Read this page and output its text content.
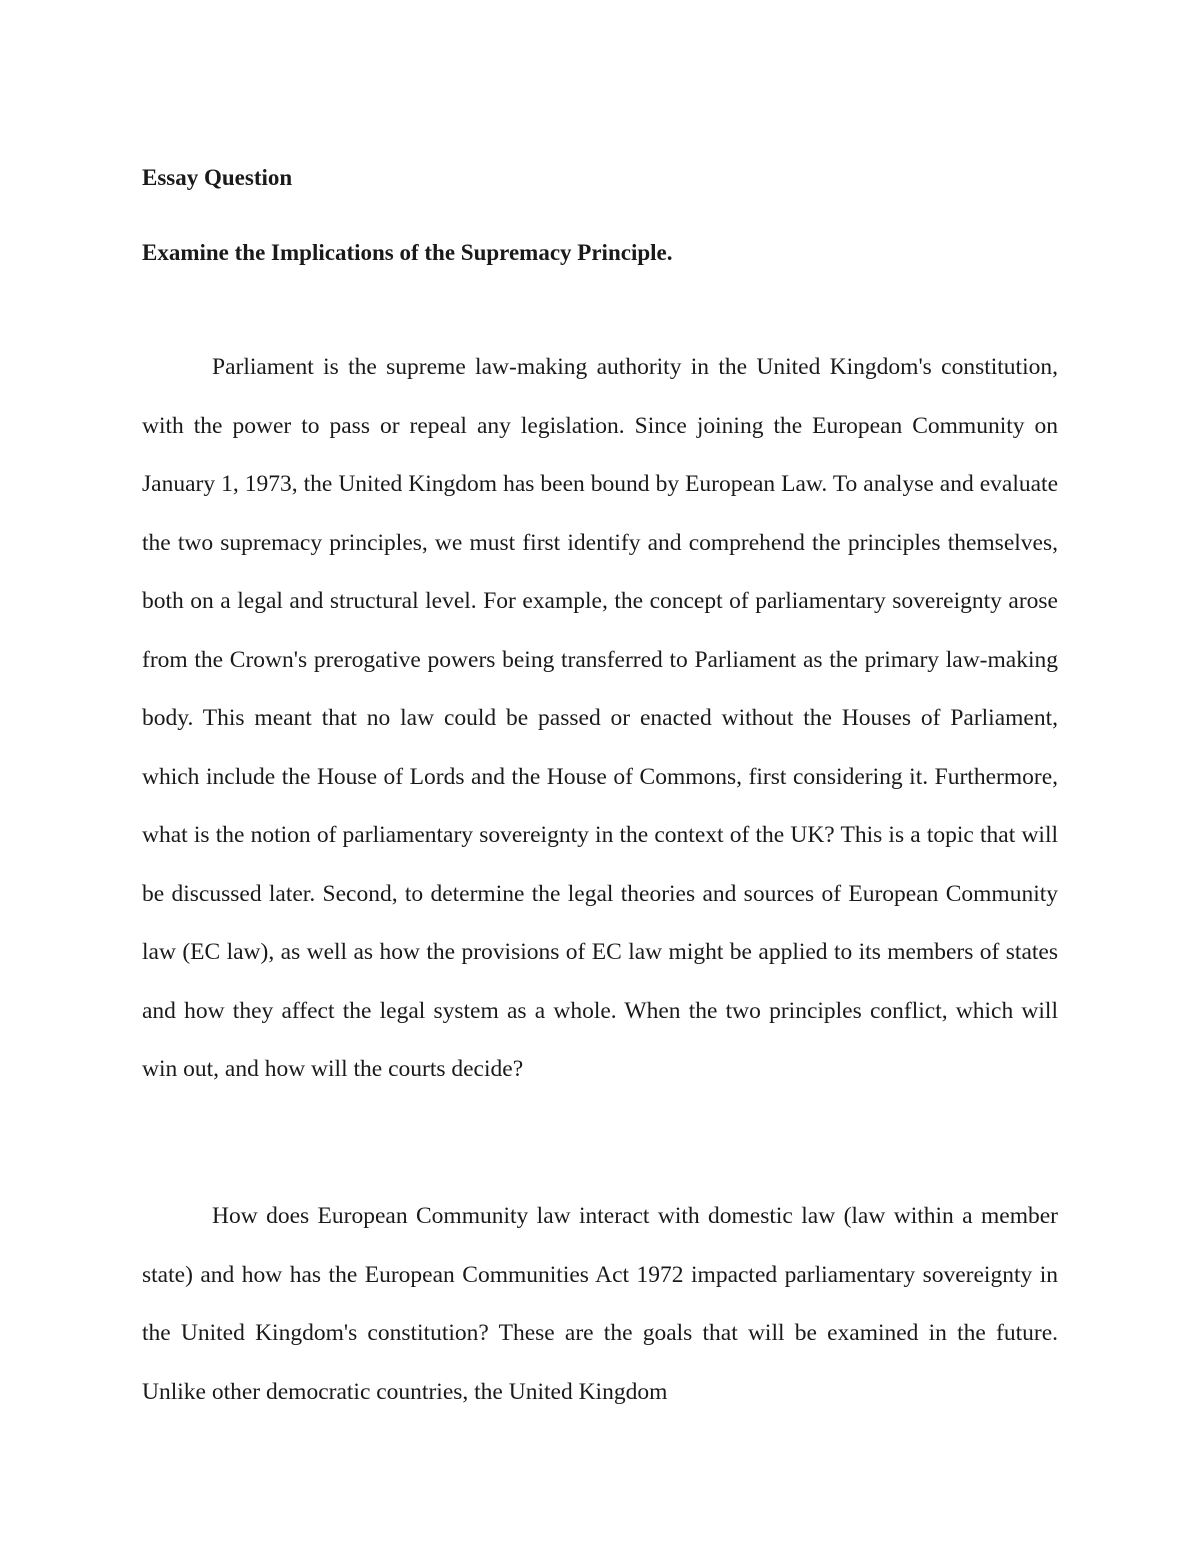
Essay Question
Examine the Implications of the Supremacy Principle.

Parliament is the supreme law-making authority in the United Kingdom's constitution, with the power to pass or repeal any legislation. Since joining the European Community on January 1, 1973, the United Kingdom has been bound by European Law. To analyse and evaluate the two supremacy principles, we must first identify and comprehend the principles themselves, both on a legal and structural level. For example, the concept of parliamentary sovereignty arose from the Crown's prerogative powers being transferred to Parliament as the primary law-making body. This meant that no law could be passed or enacted without the Houses of Parliament, which include the House of Lords and the House of Commons, first considering it. Furthermore, what is the notion of parliamentary sovereignty in the context of the UK? This is a topic that will be discussed later. Second, to determine the legal theories and sources of European Community law (EC law), as well as how the provisions of EC law might be applied to its members of states and how they affect the legal system as a whole. When the two principles conflict, which will win out, and how will the courts decide?

How does European Community law interact with domestic law (law within a member state) and how has the European Communities Act 1972 impacted parliamentary sovereignty in the United Kingdom's constitution? These are the goals that will be examined in the future. Unlike other democratic countries, the United Kingdom
